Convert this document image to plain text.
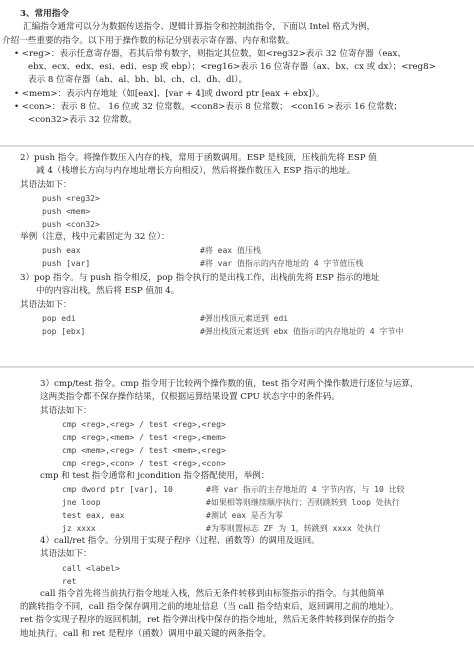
3、常用指令
汇编指令通常可以分为数据传送指令、逻辑计算指令和控制流指令，下面以 Intel 格式为例，
介绍一些重要的指令。以下用于操作数的标记分别表示寄存器、内存和常数。
• <reg>：表示任意寄存器，若其后带有数字，则指定其位数，如<reg32>表示 32 位寄存器（eax、
ebx、ecx、edx、esi、edi、esp 或 ebp）；<reg16>表示 16 位寄存器（ax、bx、cx 或 dx）；<reg8>
表示 8 位寄存器（ah、al、bh、bl、ch、cl、dh、dl）。
• <mem>：表示内存地址（如[eax]、[var + 4]或 dword ptr [eax + ebx]）。
• <con>：表示 8 位、 16 位或 32 位常数。<con8>表示 8 位常数； <con16 >表示 16 位常数；
<con32>表示 32 位常数。
2）push 指令。将操作数压入内存的栈，常用于函数调用。ESP 是栈顶，压栈前先将 ESP 值
减 4（栈增长方向与内存地址增长方向相反），然后将操作数压入 ESP 指示的地址。
其语法如下：
push <reg32>
push <mem>
push <con32>
举例（注意，栈中元素固定为 32 位）：
push eax	#将 eax 值压栈
push [var]	#将 var 值指示的内存地址的 4 字节值压栈
3）pop 指令。与 push 指令相反，pop 指令执行的是出栈工作，出栈前先将 ESP 指示的地址
中的内容出栈，然后将 ESP 值加 4。
其语法如下：
pop edi	#弹出栈顶元素送到 edi
pop [ebx]	#弹出栈顶元素送到 ebx 值指示的内存地址的 4 字节中
3）cmp/test 指令。cmp 指令用于比较两个操作数的值，test 指令对两个操作数进行逐位与运算，
这两类指令都不保存操作结果，仅根据运算结果设置 CPU 状态字中的条件码。
其语法如下：
cmp <reg>,<reg> / test <reg>,<reg>
cmp <reg>,<mem> / test <reg>,<mem>
cmp <mem>,<reg> / test <mem>,<reg>
cmp <reg>,<con> / test <reg>,<con>
cmp 和 test 指令通常和 jcondition 指令搭配使用，举例：
cmp dword ptr [var], 10	#将 var 指示的主存地址的 4 字节内容，与 10 比较
jne loop	#如果相等则继续顺序执行；否则跳转到 loop 处执行
test eax, eax	#测试 eax 是否为零
jz xxxx	#为零则置标志 ZF 为 1，转跳到 xxxx 处执行
4）call/ret 指令。分别用于实现子程序（过程、函数等）的调用及返回。
其语法如下：
call <label>
ret
call 指令首先将当前执行指令地址入栈，然后无条件转移到由标签指示的指令。与其他简单
的跳转指令不同，call 指令保存调用之前的地址信息（当 call 指令结束后，返回调用之前的地址）。
ret 指令实现子程序的返回机制，ret 指令弹出栈中保存的指令地址，然后无条件转移到保存的指令
地址执行。call 和 ret 是程序（函数）调用中最关键的两条指令。
